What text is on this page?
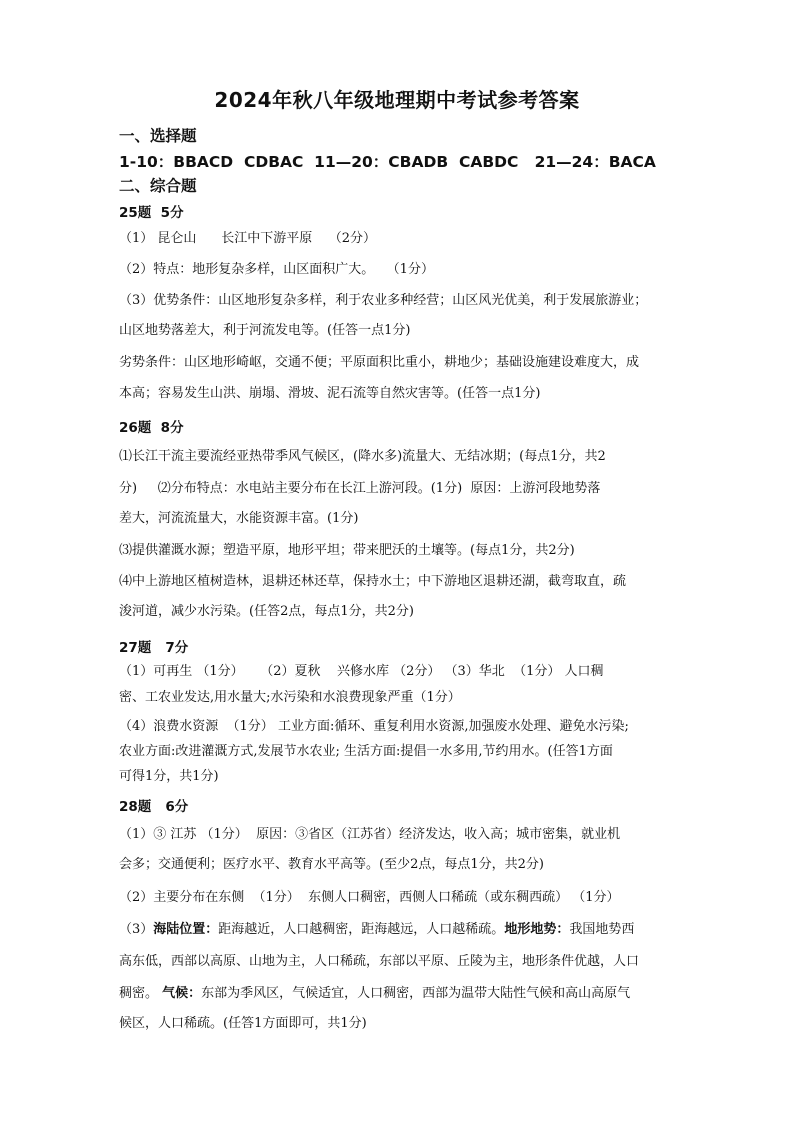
2024年秋八年级地理期中考试参考答案
一、选择题
1-10：BBACD  CDBAC  11—20：CBADB  CABDC   21—24：BACA
二、综合题
25题  5分
（1） 昆仑山      长江中下游平原    （2分）
（2）特点：地形复杂多样，山区面积广大。   （1分）
（3）优势条件：山区地形复杂多样，利于农业多种经营；山区风光优美，利于发展旅游业；
山区地势落差大，利于河流发电等。(任答一点1分)
劣势条件：山区地形崎岖，交通不便；平原面积比重小，耕地少；基础设施建设难度大，成
本高；容易发生山洪、崩塌、滑坡、泥石流等自然灾害等。(任答一点1分)
26题  8分
⑴长江干流主要流经亚热带季风气候区，(降水多)流量大、无结冰期；(每点1分，共2
分)     ⑵分布特点：水电站主要分布在长江上游河段。(1分)  原因：上游河段地势落
差大，河流流量大，水能资源丰富。(1分)
⑶提供灌溉水源；塑造平原，地形平坦；带来肥沃的土壤等。(每点1分，共2分)
⑷中上游地区植树造林，退耕还林还草，保持水土；中下游地区退耕还湖，截弯取直，疏
浚河道，减少水污染。(任答2点，每点1分，共2分)
27题   7分
（1）可再生 （1分）    （2）夏秋    兴修水库 （2分） （3）华北  （1分） 人口稠
密、工农业发达,用水量大;水污染和水浪费现象严重（1分）
（4）浪费水资源  （1分） 工业方面:循环、重复利用水资源,加强废水处理、避免水污染;
农业方面:改进灌溉方式,发展节水农业; 生活方面:提倡一水多用,节约用水。(任答1方面
可得1分，共1分)
28题   6分
（1）③ 江苏 （1分）  原因：③省区（江苏省）经济发达，收入高；城市密集，就业机
会多；交通便利；医疗水平、教育水平高等。(至少2点，每点1分，共2分)
（2）主要分布在东侧  （1分）  东侧人口稠密，西侧人口稀疏（或东稠西疏） （1分）
（3）海陆位置：距海越近，人口越稠密，距海越远，人口越稀疏。地形地势：我国地势西
高东低，西部以高原、山地为主，人口稀疏，东部以平原、丘陵为主，地形条件优越，人口
稠密。 气候：东部为季风区，气候适宜，人口稠密，西部为温带大陆性气候和高山高原气
候区，人口稀疏。(任答1方面即可，共1分)
